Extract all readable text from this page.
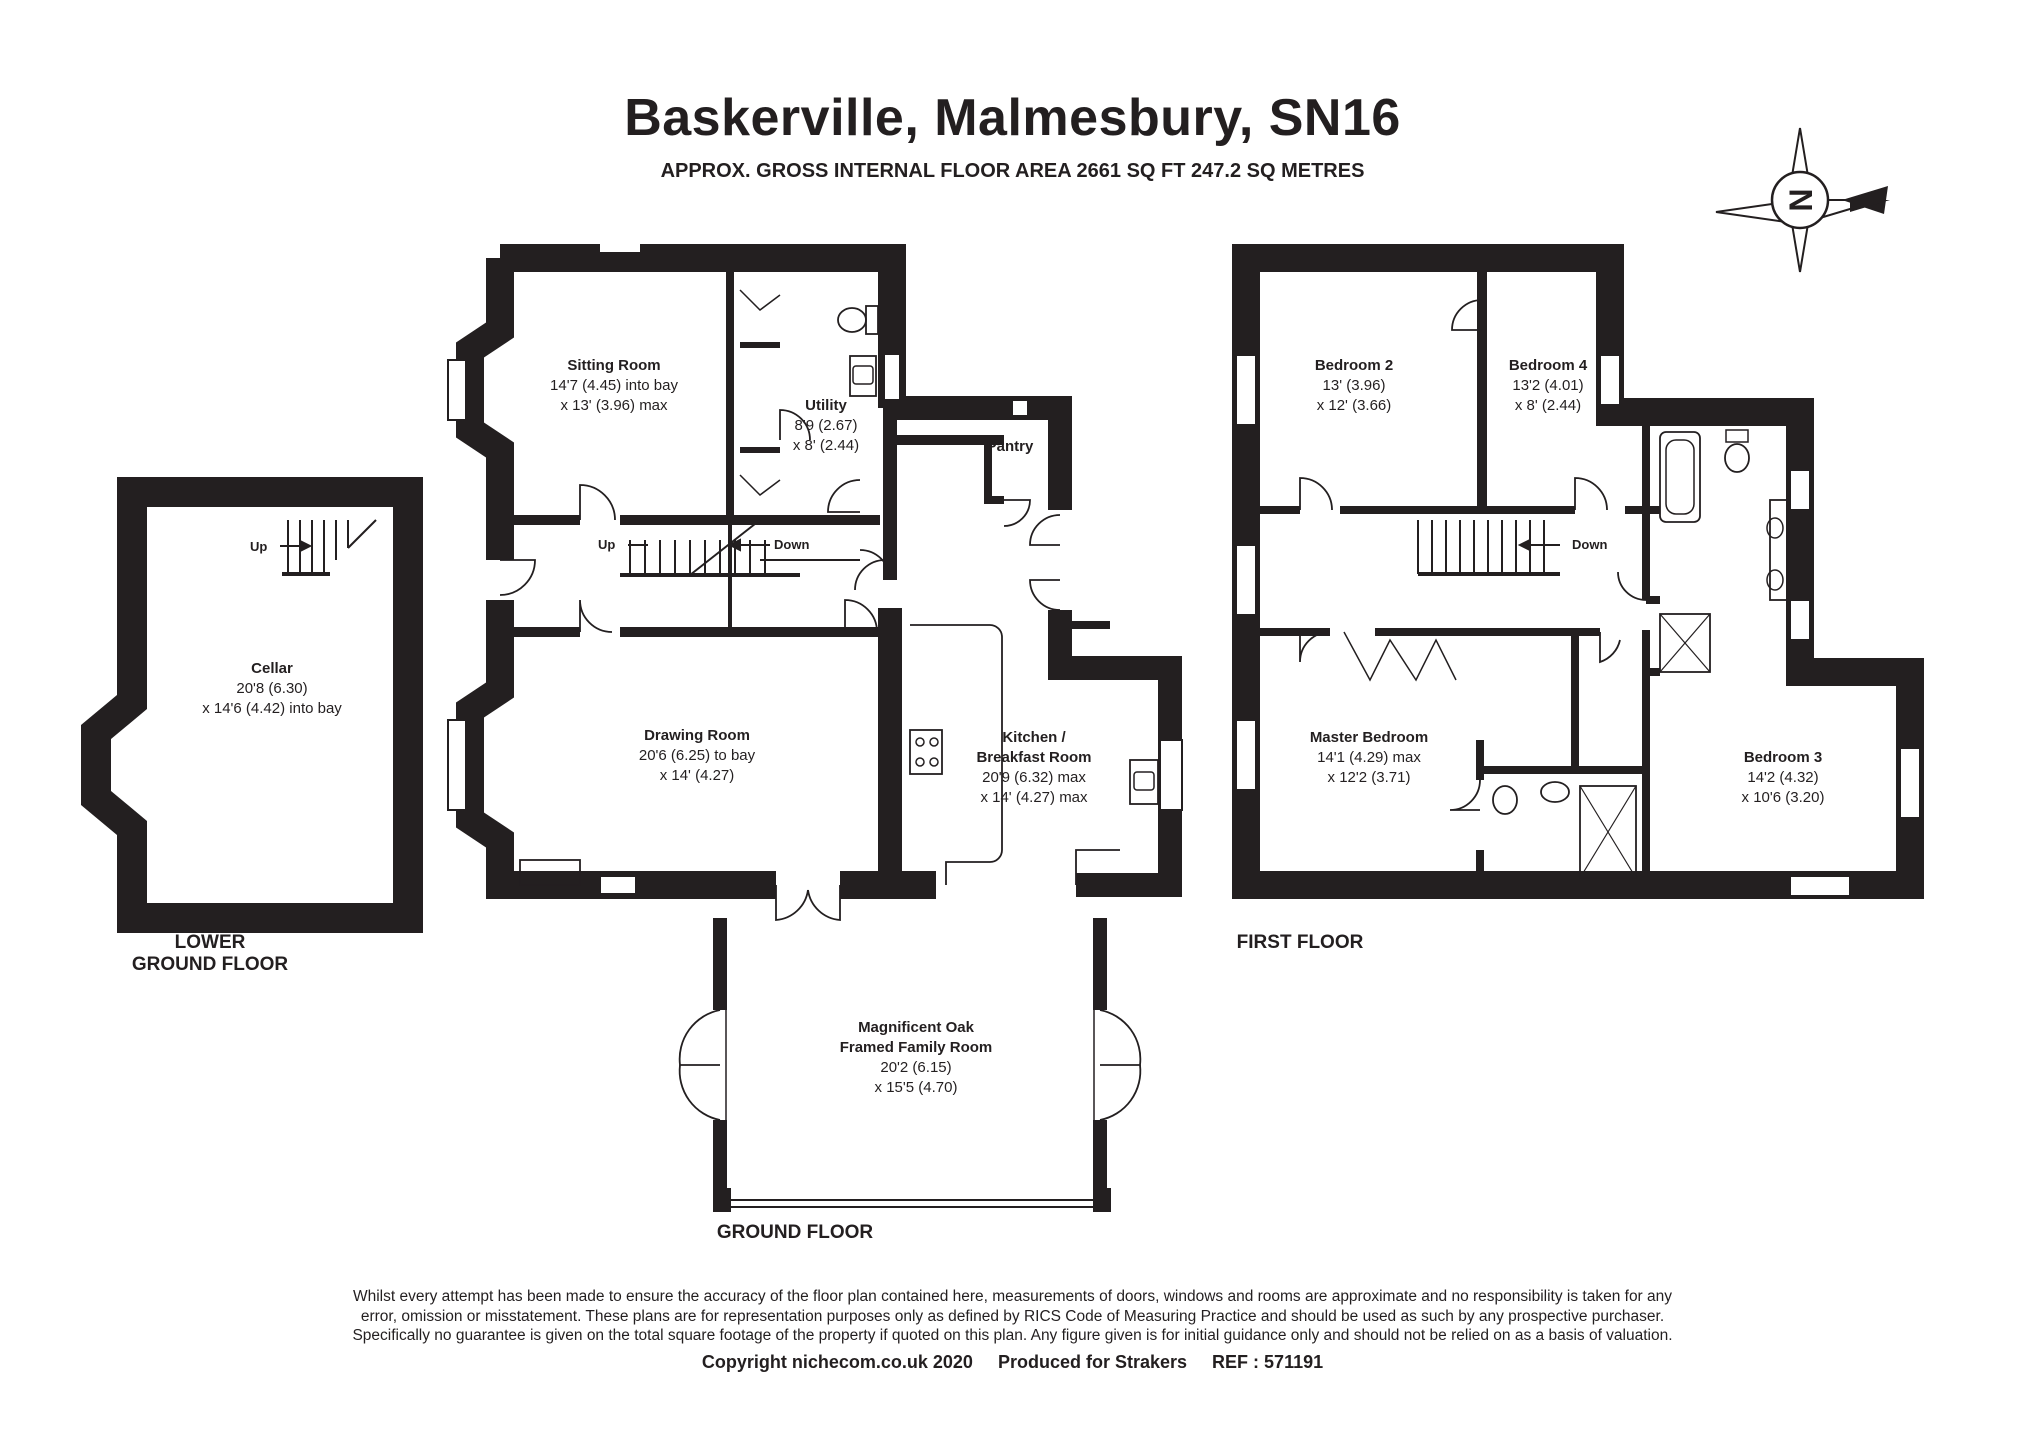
Baskerville, Malmesbury, SN16
APPROX. GROSS INTERNAL FLOOR AREA 2661 SQ FT 247.2 SQ METRES
N
Up
Cellar
20'8 (6.30)
x 14'6 (4.42) into bay
Sitting Room
14'7 (4.45) into bay
x 13' (3.96) max	Utility
8'9 (2.67)
x 8' (2.44)	Pantry
Up	Down
Drawing Room
20'6 (6.25) to bay
x 14' (4.27)
Kitchen /
Breakfast Room
20'9 (6.32) max
x 14' (4.27) max
Magnificent Oak
Framed Family Room
20'2 (6.15)
x 15'5 (4.70)
Bedroom 2
13' (3.96)
x 12' (3.66)
Bedroom 4
13'2 (4.01)
x 8' (2.44)
Down
Master Bedroom
14'1 (4.29) max
x 12'2 (3.71)
Bedroom 3
14'2 (4.32)
x 10'6 (3.20)
LOWER
GROUND FLOOR
GROUND FLOOR
FIRST FLOOR
Whilst every attempt has been made to ensure the accuracy of the floor plan contained here, measurements of doors, windows and rooms are approximate and no responsibility is taken for any
error, omission or misstatement. These plans are for representation purposes only as defined by RICS Code of Measuring Practice and should be used as such by any prospective purchaser.
Specifically no guarantee is given on the total square footage of the property if quoted on this plan. Any figure given is for initial guidance only and should not be relied on as a basis of valuation.
Copyright nichecom.co.uk 2020 Produced for Strakers REF : 571191
